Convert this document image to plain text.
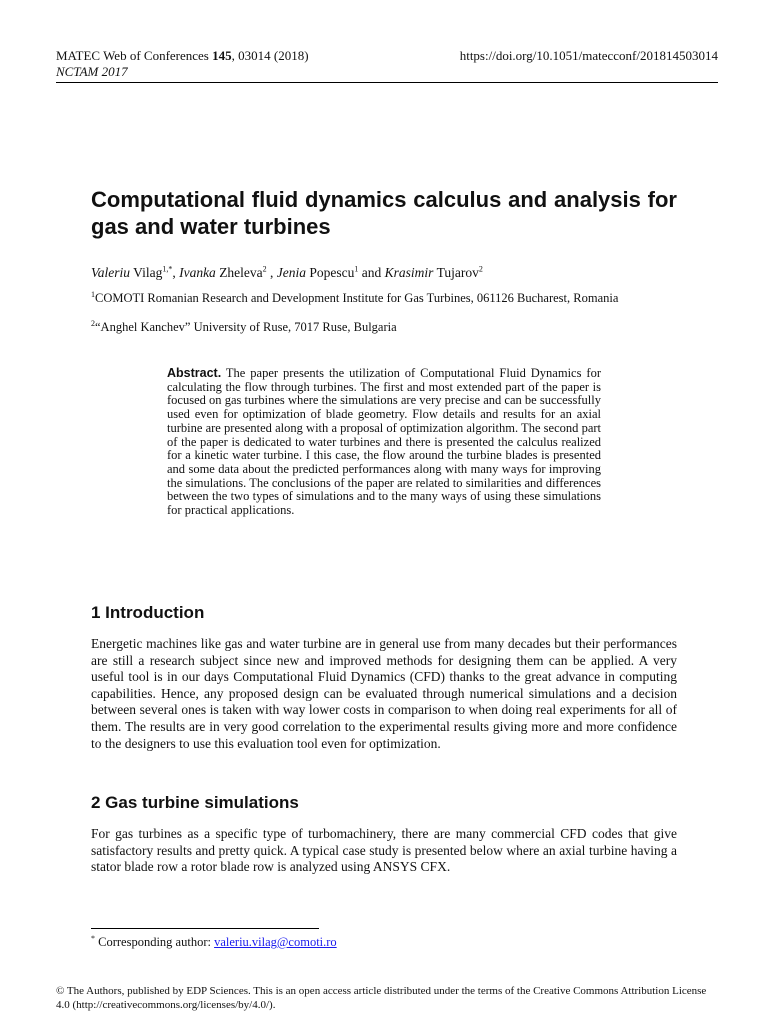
MATEC Web of Conferences 145, 03014 (2018)	https://doi.org/10.1051/matecconf/201814503014
NCTAM 2017
Computational fluid dynamics calculus and analysis for gas and water turbines
Valeriu Vilag$^{1,*}$, Ivanka Zheleva$^2$ , Jenia Popescu$^1$ and Krasimir Tujarov$^2$
$^1$COMOTI Romanian Research and Development Institute for Gas Turbines, 061126 Bucharest, Romania
$^2$“Anghel Kanchev” University of Ruse, 7017 Ruse, Bulgaria

Abstract. The paper presents the utilization of Computational Fluid Dynamics for calculating the flow through turbines. The first and most extended part of the paper is focused on gas turbines where the simulations are very precise and can be successfully used even for optimization of blade geometry. Flow details and results for an axial turbine are presented along with a proposal of optimization algorithm. The second part of the paper is dedicated to water turbines and there is presented the calculus realized for a kinetic water turbine. I this case, the flow around the turbine blades is presented and some data about the predicted performances along with many ways for improving the simulations. The conclusions of the paper are related to similarities and differences between the two types of simulations and to the many ways of using these simulations for practical applications.

1 Introduction

Energetic machines like gas and water turbine are in general use from many decades but their performances are still a research subject since new and improved methods for designing them can be applied. A very useful tool is in our days Computational Fluid Dynamics (CFD) thanks to the great advance in computing capabilities. Hence, any proposed design can be evaluated through numerical simulations and a decision between several ones is taken with way lower costs in comparison to when doing real experiments for all of them. The results are in very good correlation to the experimental results giving more and more confidence to the designers to use this evaluation tool even for optimization.

2 Gas turbine simulations

For gas turbines as a specific type of turbomachinery, there are many commercial CFD codes that give satisfactory results and pretty quick. A typical case study is presented below where an axial turbine having a stator blade row a rotor blade row is analyzed using ANSYS CFX.

* Corresponding author: valeriu.vilag@comoti.ro

© The Authors, published by EDP Sciences. This is an open access article distributed under the terms of the Creative Commons Attribution License 4.0 (http://creativecommons.org/licenses/by/4.0/).
